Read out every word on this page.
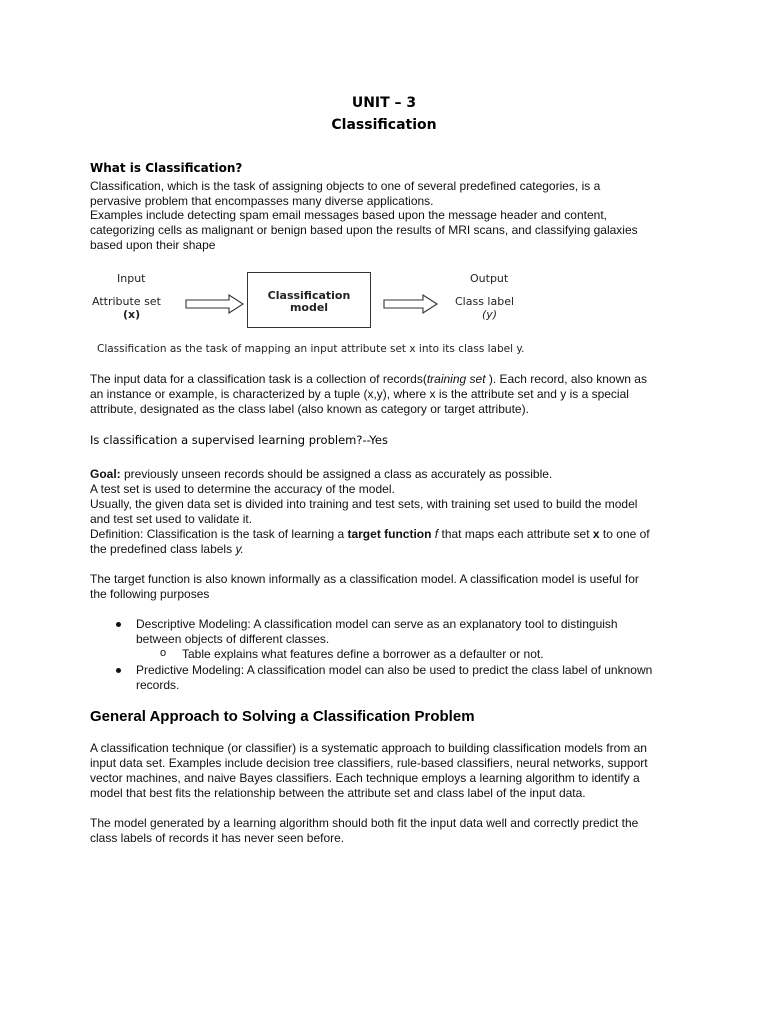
UNIT – 3
Classification
What is Classification?
Classification, which is the task of assigning objects to one of several predefined categories, is a
pervasive problem that encompasses many diverse applications.
Examples include detecting spam email messages based upon the message header and content,
categorizing cells as malignant or benign based upon the results of MRI scans, and classifying galaxies
based upon their shape
Input	Output
Attribute set
(x)
Classification
model	Class label
(y)
Classification as the task of mapping an input attribute set x into its class label y.
The input data for a classification task is a collection of records(training set ). Each record, also known as
an instance or example, is characterized by a tuple (x,y), where x is the attribute set and y is a special
attribute, designated as the class label (also known as category or target attribute).
Is classification a supervised learning problem?--Yes
Goal: previously unseen records should be assigned a class as accurately as possible.
A test set is used to determine the accuracy of the model.
Usually, the given data set is divided into training and test sets, with training set used to build the model
and test set used to validate it.
Definition: Classification is the task of learning a target function f that maps each attribute set x to one of
the predefined class labels y.
The target function is also known informally as a classification model. A classification model is useful for
the following purposes
Descriptive Modeling: A classification model can serve as an explanatory tool to distinguish
between objects of different classes.
o Table explains what features define a borrower as a defaulter or not.
Predictive Modeling: A classification model can also be used to predict the class label of unknown
records.
General Approach to Solving a Classification Problem
A classification technique (or classifier) is a systematic approach to building classification models from an
input data set. Examples include decision tree classifiers, rule-based classifiers, neural networks, support
vector machines, and naive Bayes classifiers. Each technique employs a learning algorithm to identify a
model that best fits the relationship between the attribute set and class label of the input data.
The model generated by a learning algorithm should both fit the input data well and correctly predict the
class labels of records it has never seen before.
